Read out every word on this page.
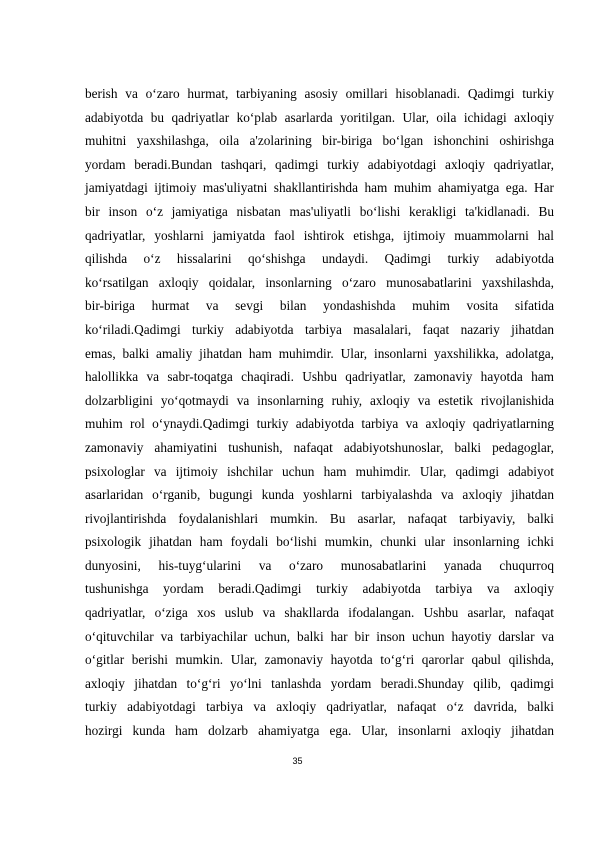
berish va o‘zaro hurmat, tarbiyaning asosiy omillari hisoblanadi. Qadimgi turkiy
adabiyotda bu qadriyatlar ko‘plab asarlarda yoritilgan. Ular, oila ichidagi axloqiy
muhitni yaxshilashga, oila a'zolarining bir-biriga bo‘lgan ishonchini oshirishga
yordam beradi.Bundan tashqari, qadimgi turkiy adabiyotdagi axloqiy qadriyatlar,
jamiyatdagi ijtimoiy mas'uliyatni shakllantirishda ham muhim ahamiyatga ega. Har
bir inson o‘z jamiyatiga nisbatan mas'uliyatli bo‘lishi kerakligi ta'kidlanadi. Bu
qadriyatlar, yoshlarni jamiyatda faol ishtirok etishga, ijtimoiy muammolarni hal
qilishda o‘z hissalarini qo‘shishga undaydi. Qadimgi turkiy adabiyotda
ko‘rsatilgan axloqiy qoidalar, insonlarning o‘zaro munosabatlarini yaxshilashda,
bir-biriga hurmat va sevgi bilan yondashishda muhim vosita sifatida
ko‘riladi.Qadimgi turkiy adabiyotda tarbiya masalalari, faqat nazariy jihatdan
emas, balki amaliy jihatdan ham muhimdir. Ular, insonlarni yaxshilikka, adolatga,
halollikka va sabr-toqatga chaqiradi. Ushbu qadriyatlar, zamonaviy hayotda ham
dolzarbligini yo‘qotmaydi va insonlarning ruhiy, axloqiy va estetik rivojlanishida
muhim rol o‘ynaydi.Qadimgi turkiy adabiyotda tarbiya va axloqiy qadriyatlarning
zamonaviy ahamiyatini tushunish, nafaqat adabiyotshunoslar, balki pedagoglar,
psixologlar va ijtimoiy ishchilar uchun ham muhimdir. Ular, qadimgi adabiyot
asarlaridan o‘rganib, bugungi kunda yoshlarni tarbiyalashda va axloqiy jihatdan
rivojlantirishda foydalanishlari mumkin. Bu asarlar, nafaqat tarbiyaviy, balki
psixologik jihatdan ham foydali bo‘lishi mumkin, chunki ular insonlarning ichki
dunyosini, his-tuyg‘ularini va o‘zaro munosabatlarini yanada chuqurroq
tushunishga yordam beradi.Qadimgi turkiy adabiyotda tarbiya va axloqiy
qadriyatlar, o‘ziga xos uslub va shakllarda ifodalangan. Ushbu asarlar, nafaqat
o‘qituvchilar va tarbiyachilar uchun, balki har bir inson uchun hayotiy darslar va
o‘gitlar berishi mumkin. Ular, zamonaviy hayotda to‘g‘ri qarorlar qabul qilishda,
axloqiy jihatdan to‘g‘ri yo‘lni tanlashda yordam beradi.Shunday qilib, qadimgi
turkiy adabiyotdagi tarbiya va axloqiy qadriyatlar, nafaqat o‘z davrida, balki
hozirgi kunda ham dolzarb ahamiyatga ega. Ular, insonlarni axloqiy jihatdan
35
